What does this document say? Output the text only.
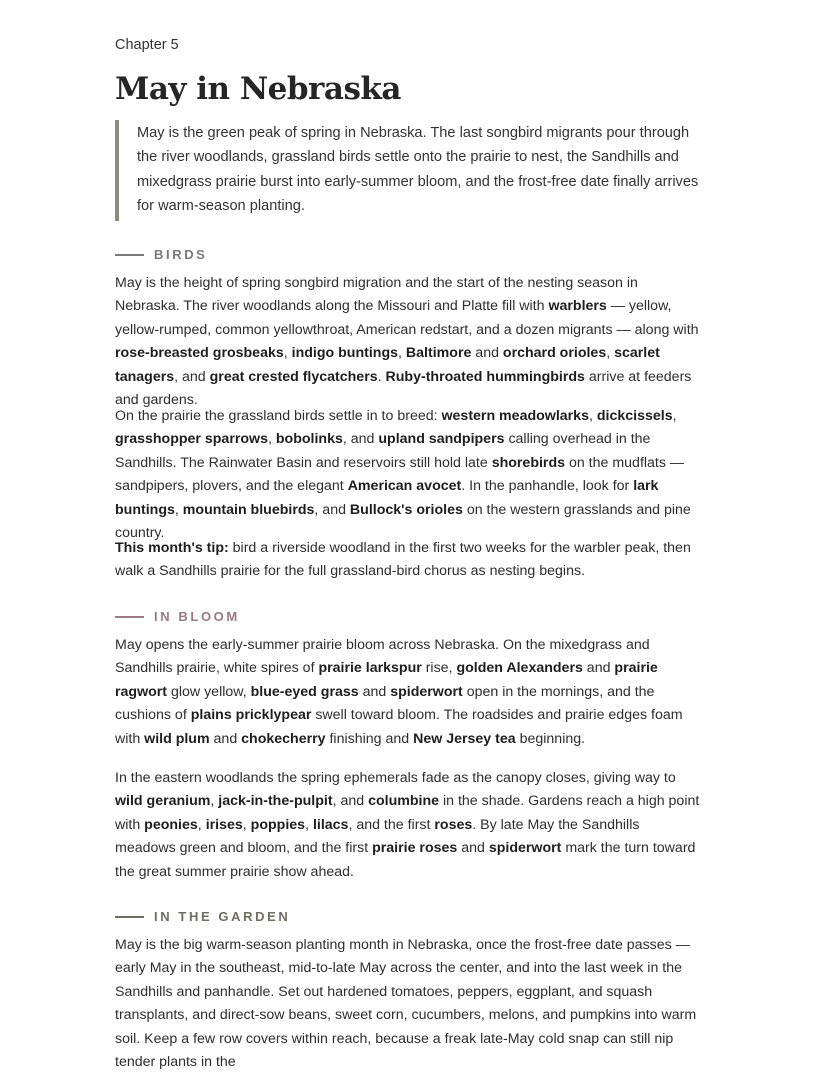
Chapter 5

May in Nebraska
May is the green peak of spring in Nebraska. The last songbird migrants pour through the river woodlands, grassland birds settle onto the prairie to nest, the Sandhills and mixedgrass prairie burst into early-summer bloom, and the frost-free date finally arrives for warm-season planting.
BIRDS

May is the height of spring songbird migration and the start of the nesting season in Nebraska. The river woodlands along the Missouri and Platte fill with warblers — yellow, yellow-rumped, common yellowthroat, American redstart, and a dozen migrants — along with rose-breasted grosbeaks, indigo buntings, Baltimore and orchard orioles, scarlet tanagers, and great crested flycatchers. Ruby-throated hummingbirds arrive at feeders and gardens.

On the prairie the grassland birds settle in to breed: western meadowlarks, dickcissels, grasshopper sparrows, bobolinks, and upland sandpipers calling overhead in the Sandhills. The Rainwater Basin and reservoirs still hold late shorebirds on the mudflats — sandpipers, plovers, and the elegant American avocet. In the panhandle, look for lark buntings, mountain bluebirds, and Bullock's orioles on the western grasslands and pine country.

This month's tip: bird a riverside woodland in the first two weeks for the warbler peak, then walk a Sandhills prairie for the full grassland-bird chorus as nesting begins.

IN BLOOM

May opens the early-summer prairie bloom across Nebraska. On the mixedgrass and Sandhills prairie, white spires of prairie larkspur rise, golden Alexanders and prairie ragwort glow yellow, blue-eyed grass and spiderwort open in the mornings, and the cushions of plains pricklypear swell toward bloom. The roadsides and prairie edges foam with wild plum and chokecherry finishing and New Jersey tea beginning.

In the eastern woodlands the spring ephemerals fade as the canopy closes, giving way to wild geranium, jack-in-the-pulpit, and columbine in the shade. Gardens reach a high point with peonies, irises, poppies, lilacs, and the first roses. By late May the Sandhills meadows green and bloom, and the first prairie roses and spiderwort mark the turn toward the great summer prairie show ahead.

IN THE GARDEN

May is the big warm-season planting month in Nebraska, once the frost-free date passes — early May in the southeast, mid-to-late May across the center, and into the last week in the Sandhills and panhandle. Set out hardened tomatoes, peppers, eggplant, and squash transplants, and direct-sow beans, sweet corn, cucumbers, melons, and pumpkins into warm soil. Keep a few row covers within reach, because a freak late-May cold snap can still nip tender plants in the
